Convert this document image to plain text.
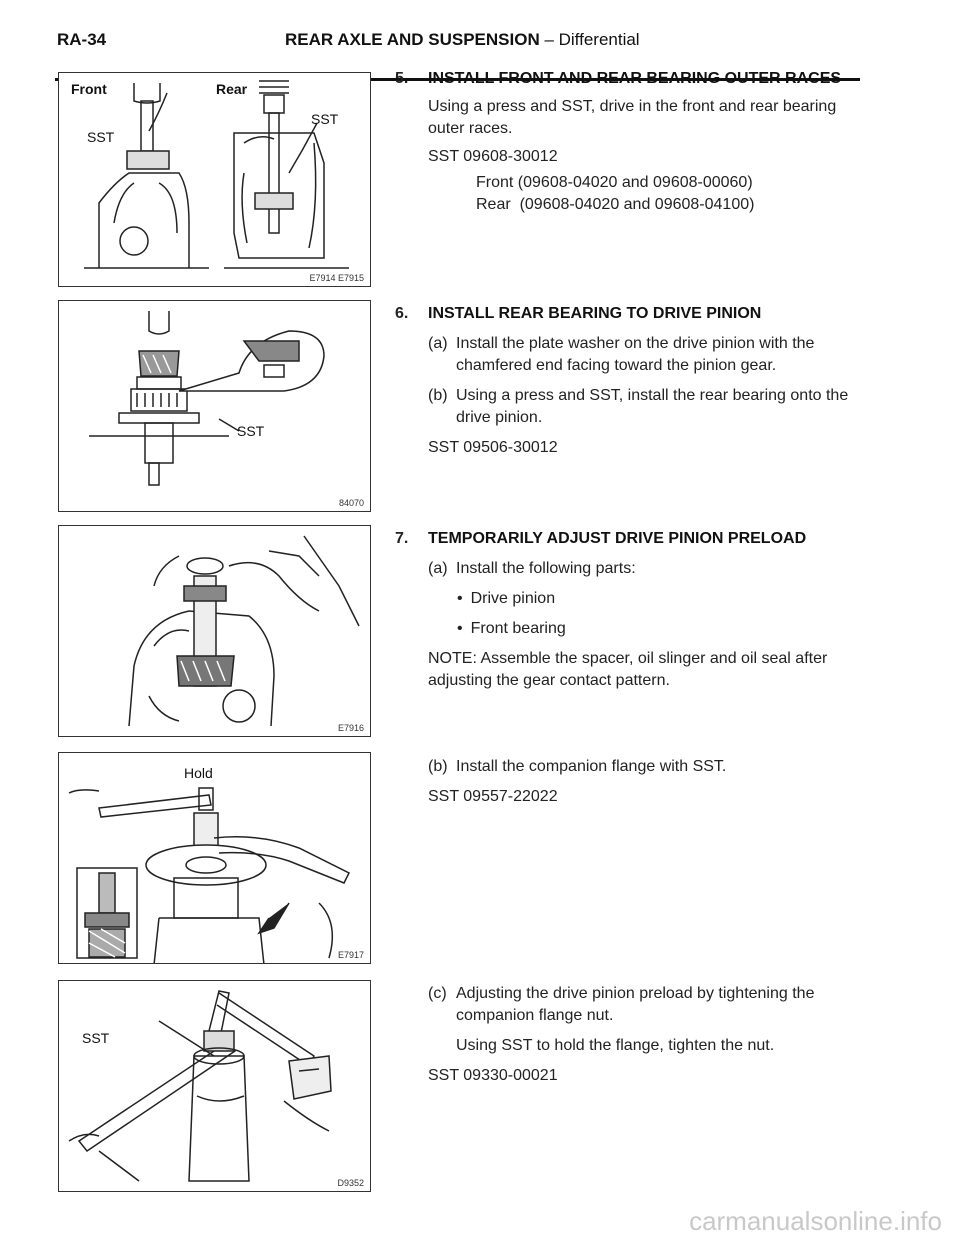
RA-34	REAR AXLE AND SUSPENSION – Differential
Front	Rear
SST
SST
E7914 E7915
SST
84070
E7916
Hold
E7917
SST
D9352
5. INSTALL FRONT AND REAR BEARING OUTER RACES
Using a press and SST, drive in the front and rear bearing outer races.
SST 09608-30012
Front (09608-04020 and 09608-00060)
Rear  (09608-04020 and 09608-04100)
6. INSTALL REAR BEARING TO DRIVE PINION
(a) Install the plate washer on the drive pinion with the chamfered end facing toward the pinion gear.
(b) Using a press and SST, install the rear bearing onto the drive pinion.
SST 09506-30012
7. TEMPORARILY ADJUST DRIVE PINION PRELOAD
(a) Install the following parts:
• Drive pinion
• Front bearing
NOTE: Assemble the spacer, oil slinger and oil seal after adjusting the gear contact pattern.
(b) Install the companion flange with SST.
SST 09557-22022
(c) Adjusting the drive pinion preload by tightening the companion flange nut.
Using SST to hold the flange, tighten the nut.
SST 09330-00021
carmanualsonline.info
